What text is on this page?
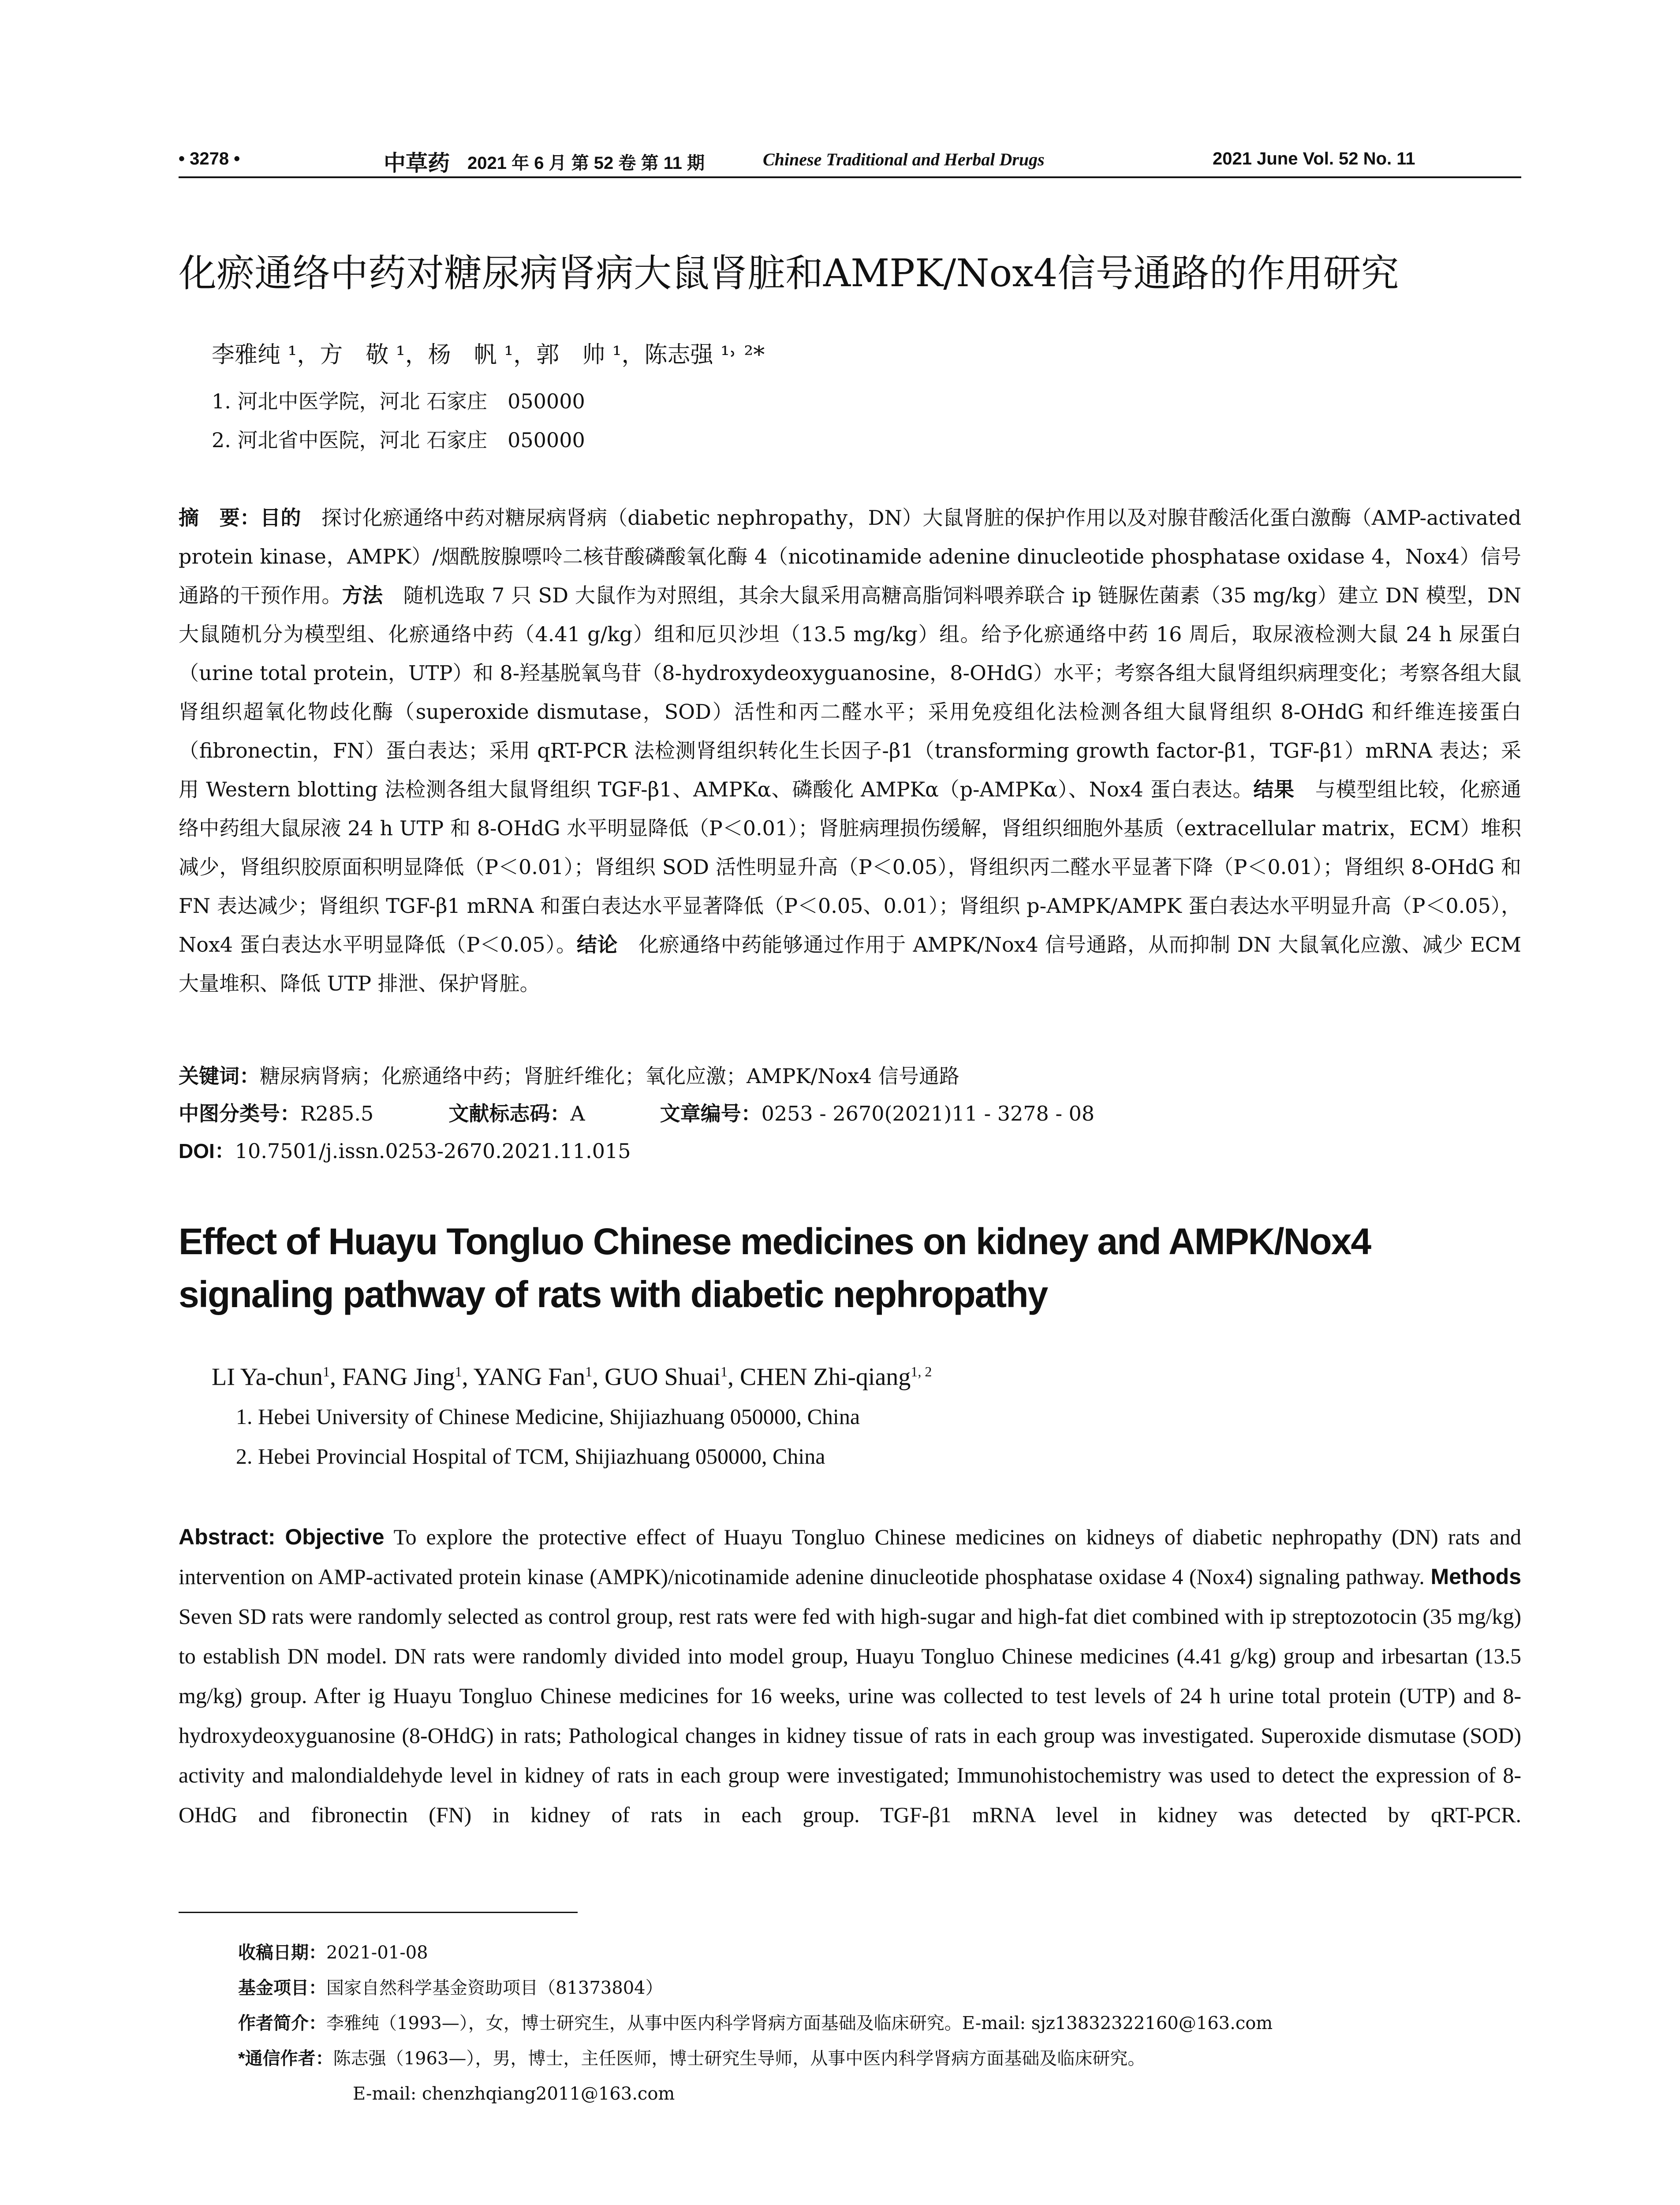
• 3278 •	中草药 2021 年 6 月 第 52 卷 第 11 期	Chinese Traditional and Herbal Drugs	2021 June Vol. 52 No. 11
化瘀通络中药对糖尿病肾病大鼠肾脏和AMPK/Nox4信号通路的作用研究
李雅纯 ¹，方　敬 ¹，杨　帆 ¹，郭　帅 ¹，陈志强 ¹˒ ²*
1. 河北中医学院，河北 石家庄　050000
2. 河北省中医院，河北 石家庄　050000
摘　要：目的　探讨化瘀通络中药对糖尿病肾病（diabetic nephropathy，DN）大鼠肾脏的保护作用以及对腺苷酸活化蛋白激酶（AMP-activated protein kinase，AMPK）/烟酰胺腺嘌呤二核苷酸磷酸氧化酶 4（nicotinamide adenine dinucleotide phosphatase oxidase 4，Nox4）信号通路的干预作用。方法　随机选取 7 只 SD 大鼠作为对照组，其余大鼠采用高糖高脂饲料喂养联合 ip 链脲佐菌素（35 mg/kg）建立 DN 模型，DN 大鼠随机分为模型组、化瘀通络中药（4.41 g/kg）组和厄贝沙坦（13.5 mg/kg）组。给予化瘀通络中药 16 周后，取尿液检测大鼠 24 h 尿蛋白（urine total protein，UTP）和 8-羟基脱氧鸟苷（8-hydroxydeoxyguanosine，8-OHdG）水平；考察各组大鼠肾组织病理变化；考察各组大鼠肾组织超氧化物歧化酶（superoxide dismutase，SOD）活性和丙二醛水平；采用免疫组化法检测各组大鼠肾组织 8-OHdG 和纤维连接蛋白（fibronectin，FN）蛋白表达；采用 qRT-PCR 法检测肾组织转化生长因子-β1（transforming growth factor-β1，TGF-β1）mRNA 表达；采用 Western blotting 法检测各组大鼠肾组织 TGF-β1、AMPKα、磷酸化 AMPKα（p-AMPKα）、Nox4 蛋白表达。结果　与模型组比较，化瘀通络中药组大鼠尿液 24 h UTP 和 8-OHdG 水平明显降低（P＜0.01）；肾脏病理损伤缓解，肾组织细胞外基质（extracellular matrix，ECM）堆积减少，肾组织胶原面积明显降低（P＜0.01）；肾组织 SOD 活性明显升高（P＜0.05），肾组织丙二醛水平显著下降（P＜0.01）；肾组织 8-OHdG 和 FN 表达减少；肾组织 TGF-β1 mRNA 和蛋白表达水平显著降低（P＜0.05、0.01）；肾组织 p-AMPK/AMPK 蛋白表达水平明显升高（P＜0.05），Nox4 蛋白表达水平明显降低（P＜0.05）。结论　化瘀通络中药能够通过作用于 AMPK/Nox4 信号通路，从而抑制 DN 大鼠氧化应激、减少 ECM 大量堆积、降低 UTP 排泄、保护肾脏。
关键词：糖尿病肾病；化瘀通络中药；肾脏纤维化；氧化应激；AMPK/Nox4 信号通路
中图分类号：R285.5	文献标志码：A	文章编号：0253 - 2670(2021)11 - 3278 - 08
DOI：10.7501/j.issn.0253-2670.2021.11.015
Effect of Huayu Tongluo Chinese medicines on kidney and AMPK/Nox4 signaling pathway of rats with diabetic nephropathy
LI Ya-chun$^1$, FANG Jing$^1$, YANG Fan$^1$, GUO Shuai$^1$, CHEN Zhi-qiang$^{1, 2}$
1. Hebei University of Chinese Medicine, Shijiazhuang 050000, China
2. Hebei Provincial Hospital of TCM, Shijiazhuang 050000, China
Abstract: Objective To explore the protective effect of Huayu Tongluo Chinese medicines on kidneys of diabetic nephropathy (DN) rats and intervention on AMP-activated protein kinase (AMPK)/nicotinamide adenine dinucleotide phosphatase oxidase 4 (Nox4) signaling pathway. Methods Seven SD rats were randomly selected as control group, rest rats were fed with high-sugar and high-fat diet combined with ip streptozotocin (35 mg/kg) to establish DN model. DN rats were randomly divided into model group, Huayu Tongluo Chinese medicines (4.41 g/kg) group and irbesartan (13.5 mg/kg) group. After ig Huayu Tongluo Chinese medicines for 16 weeks, urine was collected to test levels of 24 h urine total protein (UTP) and 8-hydroxydeoxyguanosine (8-OHdG) in rats; Pathological changes in kidney tissue of rats in each group was investigated. Superoxide dismutase (SOD) activity and malondialdehyde level in kidney of rats in each group were investigated; Immunohistochemistry was used to detect the expression of 8-OHdG and fibronectin (FN) in kidney of rats in each group. TGF-β1 mRNA level in kidney was detected by qRT-PCR.
收稿日期：2021-01-08
基金项目：国家自然科学基金资助项目（81373804）
作者简介：李雅纯（1993—），女，博士研究生，从事中医内科学肾病方面基础及临床研究。E-mail: sjz13832322160@163.com
*通信作者：陈志强（1963—），男，博士，主任医师，博士研究生导师，从事中医内科学肾病方面基础及临床研究。
E-mail: chenzhqiang2011@163.com
